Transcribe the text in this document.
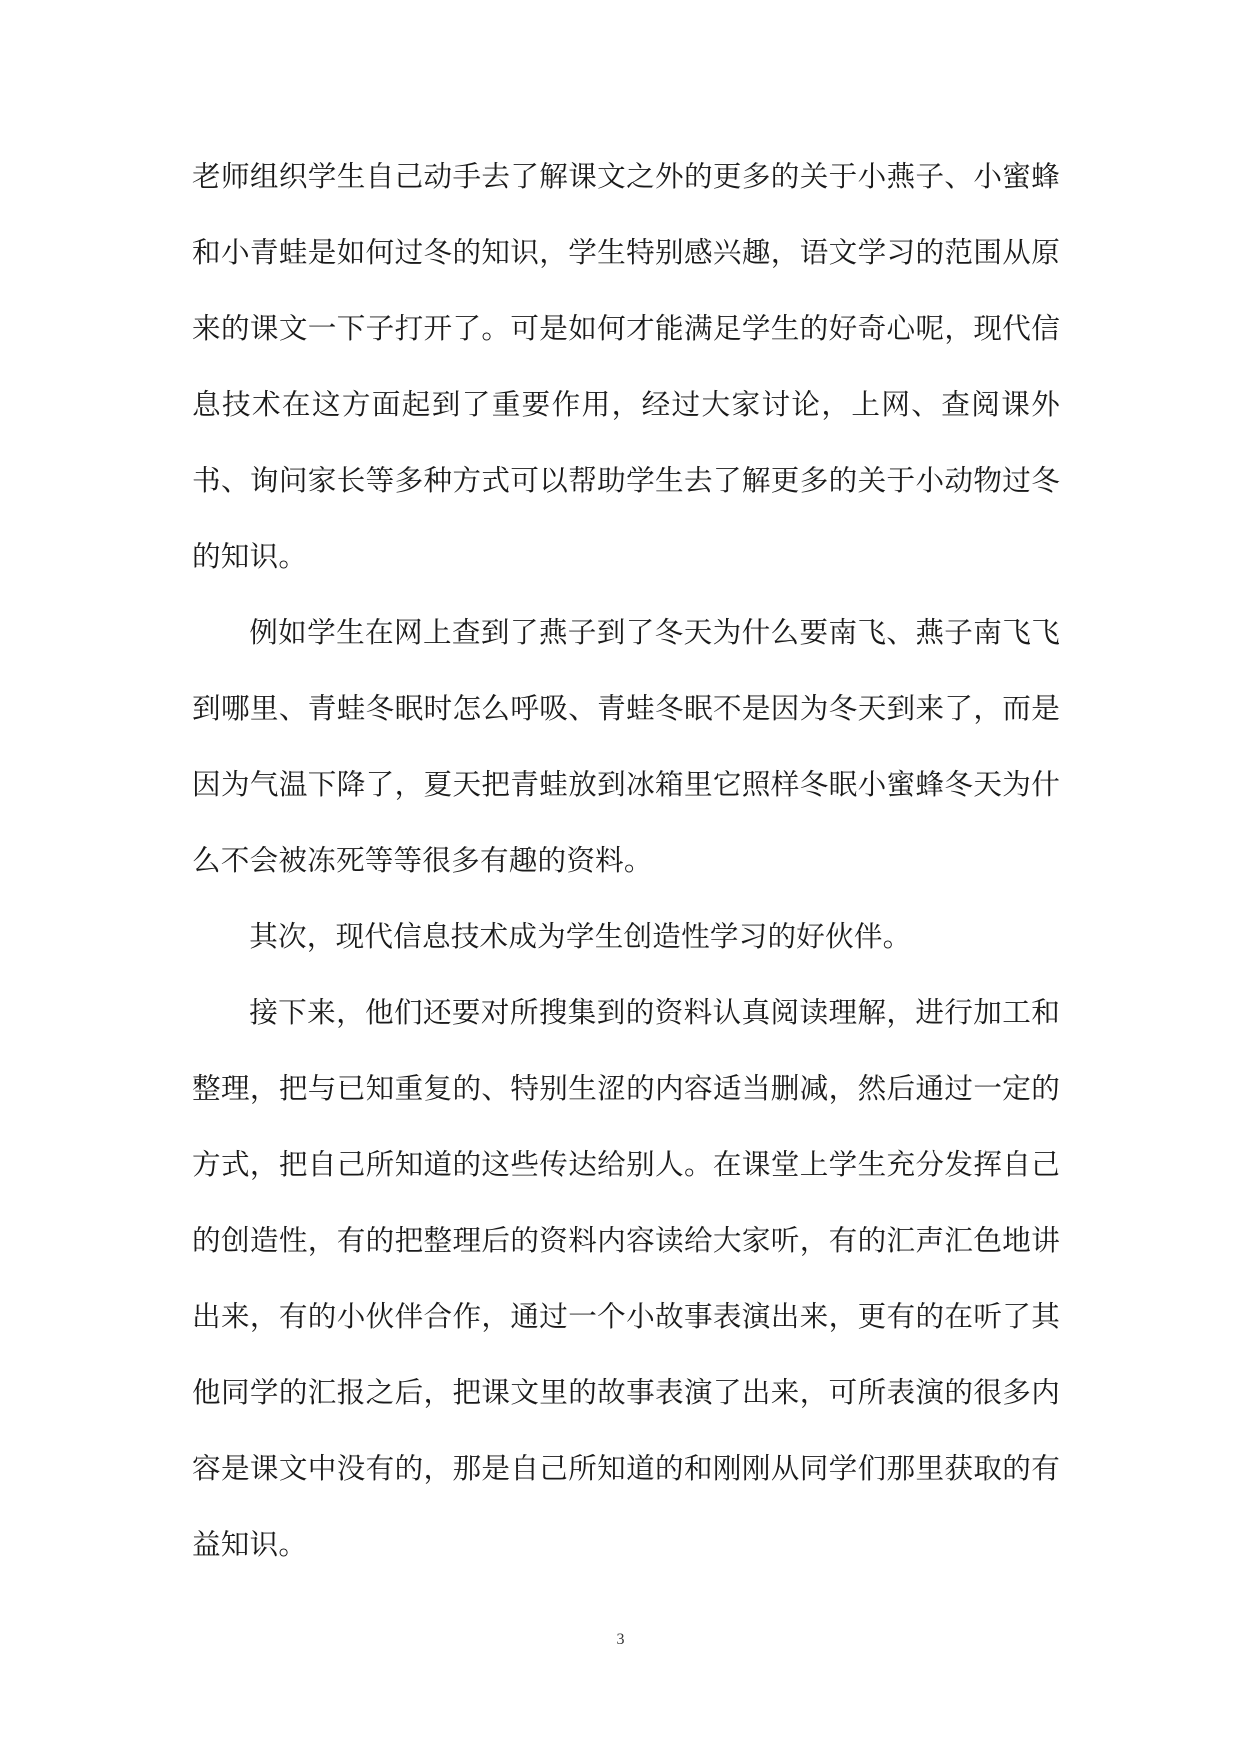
老师组织学生自己动手去了解课文之外的更多的关于小燕子、小蜜蜂和小青蛙是如何过冬的知识，学生特别感兴趣，语文学习的范围从原来的课文一下子打开了。可是如何才能满足学生的好奇心呢，现代信息技术在这方面起到了重要作用，经过大家讨论，上网、查阅课外书、询问家长等多种方式可以帮助学生去了解更多的关于小动物过冬的知识。

例如学生在网上查到了燕子到了冬天为什么要南飞、燕子南飞飞到哪里、青蛙冬眠时怎么呼吸、青蛙冬眠不是因为冬天到来了，而是因为气温下降了，夏天把青蛙放到冰箱里它照样冬眠小蜜蜂冬天为什么不会被冻死等等很多有趣的资料。

其次，现代信息技术成为学生创造性学习的好伙伴。

接下来，他们还要对所搜集到的资料认真阅读理解，进行加工和整理，把与已知重复的、特别生涩的内容适当删减，然后通过一定的方式，把自己所知道的这些传达给别人。在课堂上学生充分发挥自己的创造性，有的把整理后的资料内容读给大家听，有的汇声汇色地讲出来，有的小伙伴合作，通过一个小故事表演出来，更有的在听了其他同学的汇报之后，把课文里的故事表演了出来，可所表演的很多内容是课文中没有的，那是自己所知道的和刚刚从同学们那里获取的有益知识。

3
